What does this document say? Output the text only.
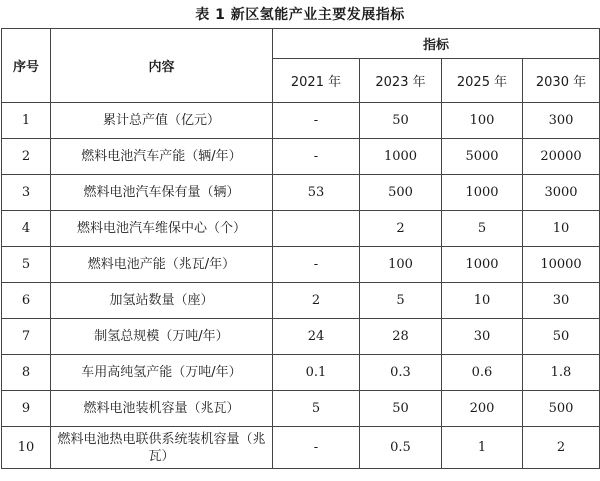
表 1 新区氢能产业主要发展指标
序号	内容	指标			
		2021 年	2023 年	2025 年	2030 年
1	累计总产值（亿元）	-	50	100	300
2	燃料电池汽车产能（辆/年）	-	1000	5000	20000
3	燃料电池汽车保有量（辆）	53	500	1000	3000
4	燃料电池汽车维保中心（个）		2	5	10
5	燃料电池产能（兆瓦/年）	-	100	1000	10000
6	加氢站数量（座）	2	5	10	30
7	制氢总规模（万吨/年）	24	28	30	50
8	车用高纯氢产能（万吨/年）	0.1	0.3	0.6	1.8
9	燃料电池装机容量（兆瓦）	5	50	200	500
10	燃料电池热电联供系统装机容量（兆瓦）	-	0.5	1	2
